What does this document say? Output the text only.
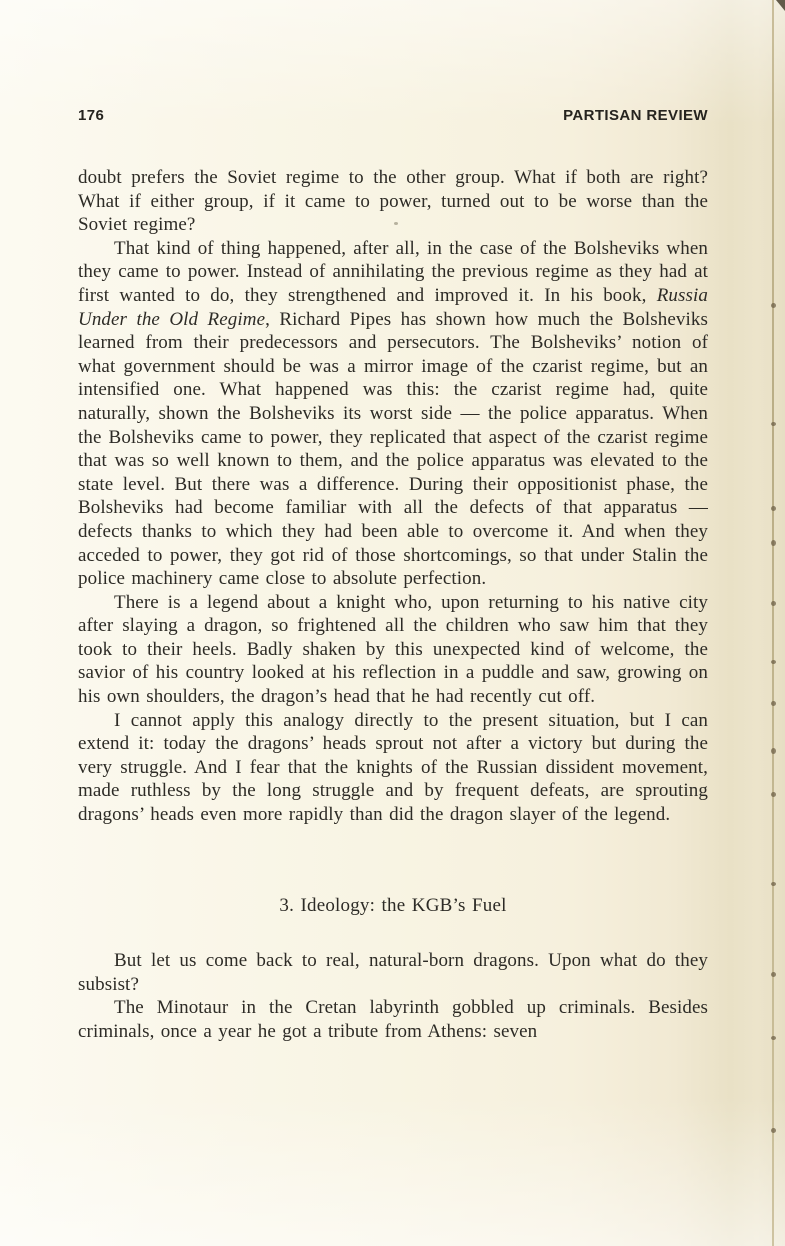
176	PARTISAN REVIEW

doubt prefers the Soviet regime to the other group. What if both are right? What if either group, if it came to power, turned out to be worse than the Soviet regime?

That kind of thing happened, after all, in the case of the Bolsheviks when they came to power. Instead of annihilating the previous regime as they had at first wanted to do, they strengthened and improved it. In his book, Russia Under the Old Regime, Richard Pipes has shown how much the Bolsheviks learned from their predecessors and persecutors. The Bolsheviks’ notion of what government should be was a mirror image of the czarist regime, but an intensified one. What happened was this: the czarist regime had, quite naturally, shown the Bolsheviks its worst side — the police apparatus. When the Bolsheviks came to power, they replicated that aspect of the czarist regime that was so well known to them, and the police apparatus was elevated to the state level. But there was a difference. During their oppositionist phase, the Bolsheviks had become familiar with all the defects of that apparatus — defects thanks to which they had been able to overcome it. And when they acceded to power, they got rid of those shortcomings, so that under Stalin the police machinery came close to absolute perfection.

There is a legend about a knight who, upon returning to his native city after slaying a dragon, so frightened all the children who saw him that they took to their heels. Badly shaken by this unexpected kind of welcome, the savior of his country looked at his reflection in a puddle and saw, growing on his own shoulders, the dragon’s head that he had recently cut off.

I cannot apply this analogy directly to the present situation, but I can extend it: today the dragons’ heads sprout not after a victory but during the very struggle. And I fear that the knights of the Russian dissident movement, made ruthless by the long struggle and by frequent defeats, are sprouting dragons’ heads even more rapidly than did the dragon slayer of the legend.

3. Ideology: the KGB’s Fuel

But let us come back to real, natural-born dragons. Upon what do they subsist?

The Minotaur in the Cretan labyrinth gobbled up criminals. Besides criminals, once a year he got a tribute from Athens: seven
